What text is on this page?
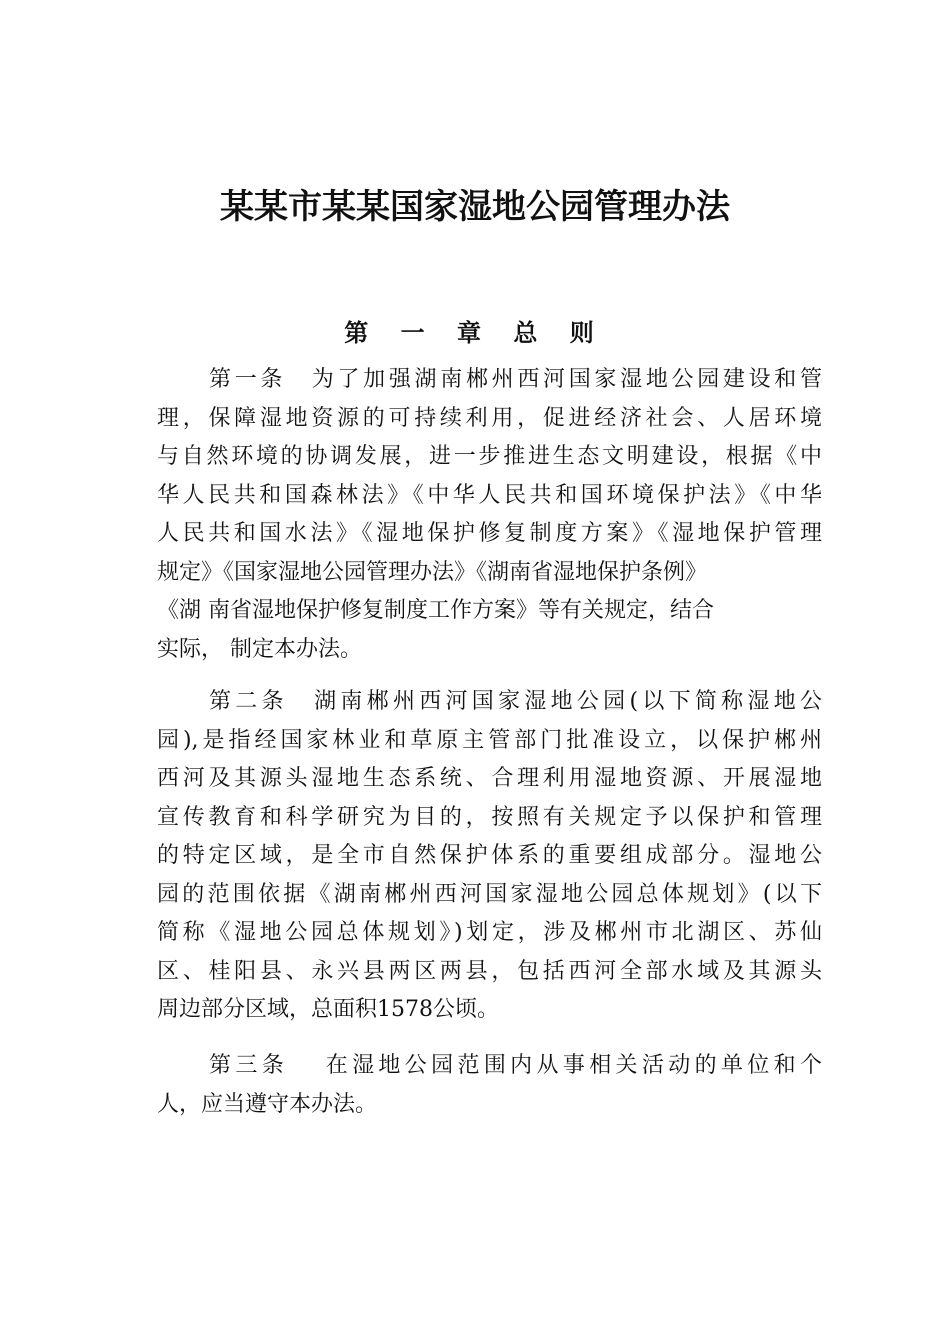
某某市某某国家湿地公园管理办法
第 一 章 总 则
第一条　为了加强湖南郴州西河国家湿地公园建设和管
理，保障湿地资源的可持续利用，促进经济社会、人居环境
与自然环境的协调发展，进一步推进生态文明建设，根据《中
华人民共和国森林法》《中华人民共和国环境保护法》《中华
人民共和国水法》《湿地保护修复制度方案》《湿地保护管理
规定》《国家湿地公园管理办法》《湖南省湿地保护条例》
《湖 南省湿地保护修复制度工作方案》等有关规定，结合
实际， 制定本办法。
第二条　湖南郴州西河国家湿地公园(以下简称湿地公
园),是指经国家林业和草原主管部门批准设立，以保护郴州
西河及其源头湿地生态系统、合理利用湿地资源、开展湿地
宣传教育和科学研究为目的，按照有关规定予以保护和管理
的特定区域，是全市自然保护体系的重要组成部分。湿地公
园的范围依据《湖南郴州西河国家湿地公园总体规划》(以下
简称《湿地公园总体规划》)划定，涉及郴州市北湖区、苏仙
区、桂阳县、永兴县两区两县，包括西河全部水域及其源头
周边部分区域，总面积1578公顷。
第三条　 在湿地公园范围内从事相关活动的单位和个
人，应当遵守本办法。
